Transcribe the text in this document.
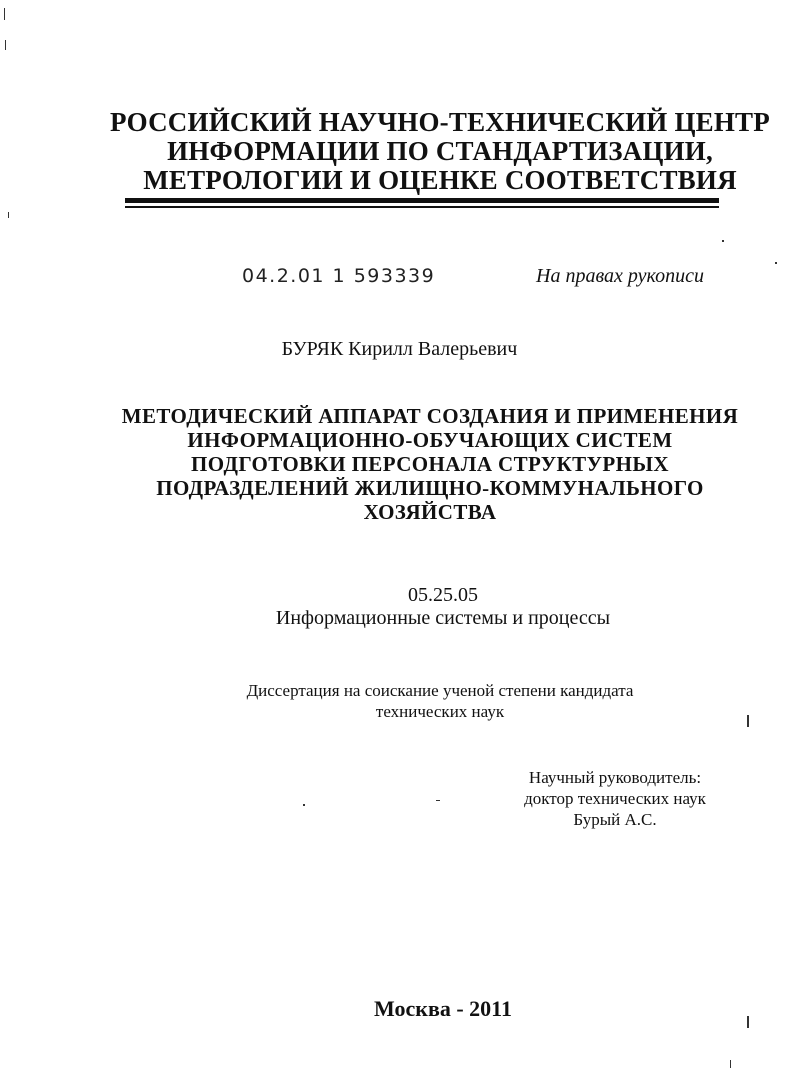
РОССИЙСКИЙ НАУЧНО-ТЕХНИЧЕСКИЙ ЦЕНТР
ИНФОРМАЦИИ ПО СТАНДАРТИЗАЦИИ,
МЕТРОЛОГИИ И ОЦЕНКЕ СООТВЕТСТВИЯ
04.2.01 1 593339	На правах рукописи
БУРЯК Кирилл Валерьевич
МЕТОДИЧЕСКИЙ АППАРАТ СОЗДАНИЯ И ПРИМЕНЕНИЯ
ИНФОРМАЦИОННО-ОБУЧАЮЩИХ СИСТЕМ
ПОДГОТОВКИ ПЕРСОНАЛА СТРУКТУРНЫХ
ПОДРАЗДЕЛЕНИЙ ЖИЛИЩНО-КОММУНАЛЬНОГО
ХОЗЯЙСТВА
05.25.05
Информационные системы и процессы
Диссертация на соискание ученой степени кандидата
технических наук
Научный руководитель:
доктор технических наук
Бурый А.С.
Москва - 2011
